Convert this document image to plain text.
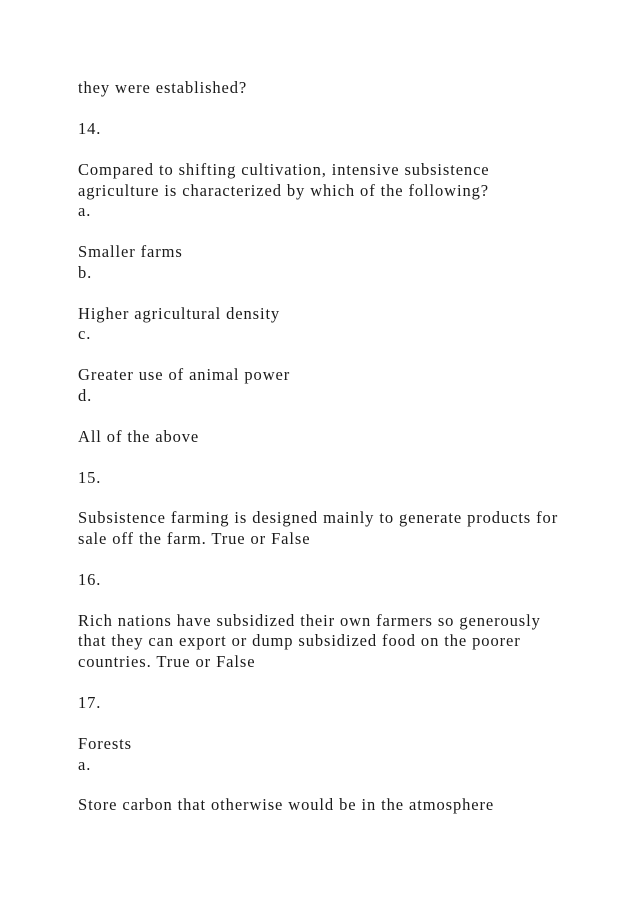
they were established?
14.
Compared to shifting cultivation, intensive subsistence
agriculture is characterized by which of the following?
a.
Smaller farms
b.
Higher agricultural density
c.
Greater use of animal power
d.
All of the above
15.
Subsistence farming is designed mainly to generate products for
sale off the farm. True or False
16.
Rich nations have subsidized their own farmers so generously
that they can export or dump subsidized food on the poorer
countries. True or False
17.
Forests
a.
Store carbon that otherwise would be in the atmosphere
